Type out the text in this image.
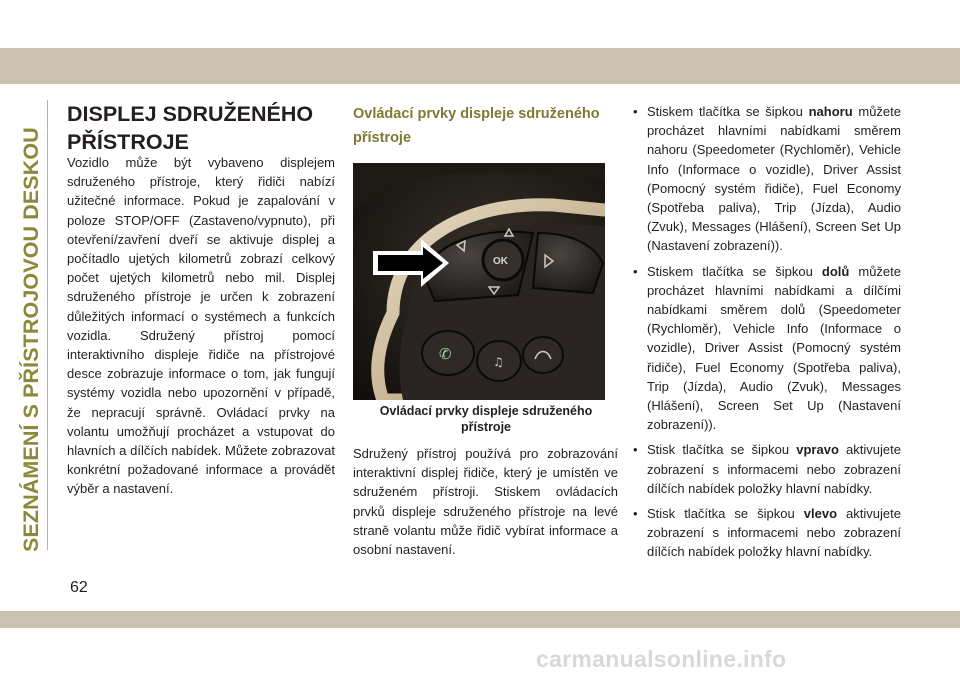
SEZNÁMENÍ S PŘÍSTROJOVOU DESKOU
DISPLEJ SDRUŽENÉHO PŘÍSTROJE
Vozidlo může být vybaveno displejem sdruženého přístroje, který řidiči nabízí užitečné informace. Pokud je zapalování v poloze STOP/OFF (Zastaveno/vypnuto), při otevření/zavření dveří se aktivuje displej a počítadlo ujetých kilometrů zobrazí celkový počet ujetých kilometrů nebo mil. Displej sdruženého přístroje je určen k zobrazení důležitých informací o systémech a funkcích vozidla. Sdružený přístroj pomocí interaktivního displeje řidiče na přístrojové desce zobrazuje informace o tom, jak fungují systémy vozidla nebo upozornění v případě, že nepracují správně. Ovládací prvky na volantu umožňují procházet a vstupovat do hlavních a dílčích nabídek. Můžete zobrazovat konkrétní požadované informace a provádět výběr a nastavení.
Ovládací prvky displeje sdruženého přístroje
OK
✆	♫
Ovládací prvky displeje sdruženého přístroje
Sdružený přístroj používá pro zobrazování interaktivní displej řidiče, který je umístěn ve sdruženém přístroji. Stiskem ovládacích prvků displeje sdruženého přístroje na levé straně volantu může řidič vybírat informace a osobní nastavení.
• Stiskem tlačítka se šipkou nahoru můžete procházet hlavními nabídkami směrem nahoru (Speedometer (Rychloměr), Vehicle Info (Informace o vozidle), Driver Assist (Pomocný systém řidiče), Fuel Economy (Spotřeba paliva), Trip (Jízda), Audio (Zvuk), Messages (Hlášení), Screen Set Up (Nastavení zobrazení)).
• Stiskem tlačítka se šipkou dolů můžete procházet hlavními nabídkami a dílčími nabídkami směrem dolů (Speedometer (Rychloměr), Vehicle Info (Informace o vozidle), Driver Assist (Pomocný systém řidiče), Fuel Economy (Spotřeba paliva), Trip (Jízda), Audio (Zvuk), Messages (Hlášení), Screen Set Up (Nastavení zobrazení)).
• Stisk tlačítka se šipkou vpravo aktivujete zobrazení s informacemi nebo zobrazení dílčích nabídek položky hlavní nabídky.
• Stisk tlačítka se šipkou vlevo aktivujete zobrazení s informacemi nebo zobrazení dílčích nabídek položky hlavní nabídky.
62
carmanualsonline.info
